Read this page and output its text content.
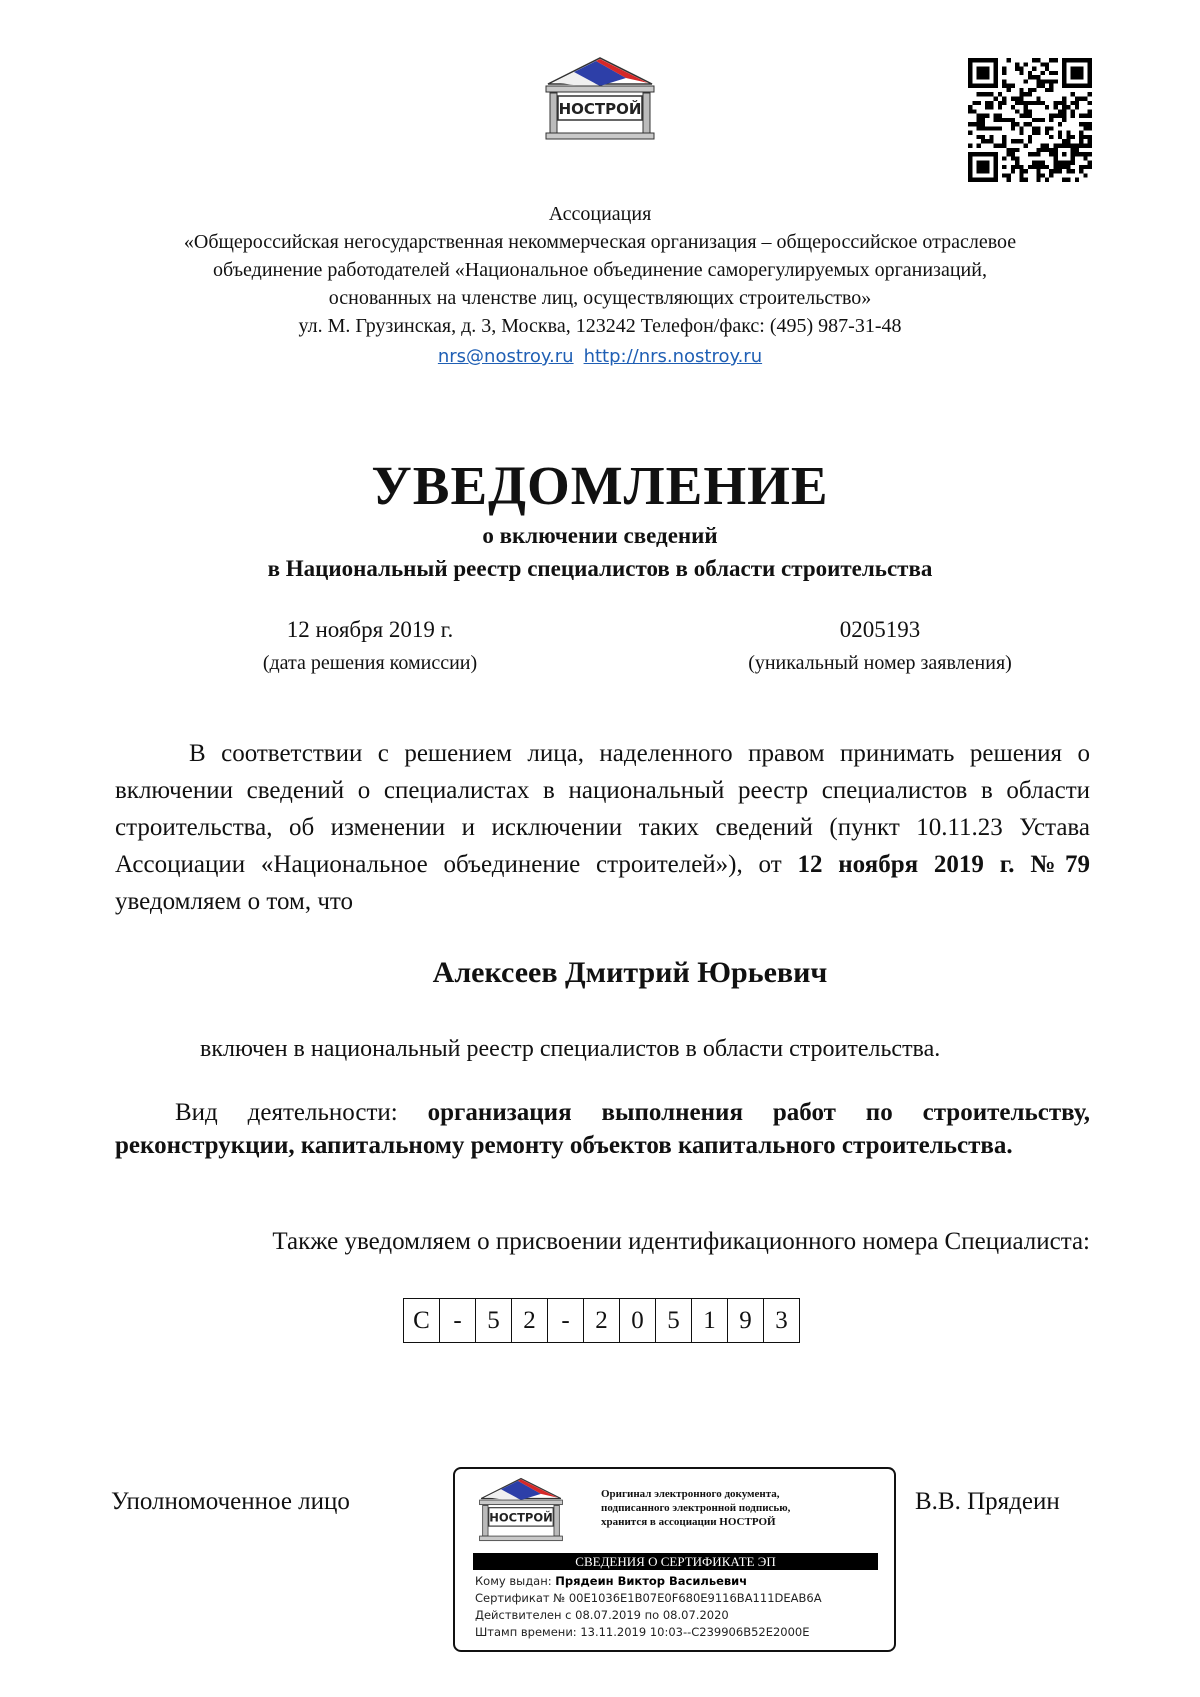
НОСТРОЙ
Ассоциация
«Общероссийская негосударственная некоммерческая организация – общероссийское отраслевое
объединение работодателей «Национальное объединение саморегулируемых организаций,
основанных на членстве лиц, осуществляющих строительство»
ул. М. Грузинская, д. 3, Москва, 123242 Телефон/факс: (495) 987-31-48
nrs@nostroy.ru http://nrs.nostroy.ru
УВЕДОМЛЕНИЕ
о включении сведений
в Национальный реестр специалистов в области строительства
12 ноября 2019 г.
(дата решения комиссии)
0205193
(уникальный номер заявления)
В соответствии с решением лица, наделенного правом принимать решения о включении сведений о специалистах в национальный реестр специалистов в области строительства, об изменении и исключении таких сведений (пункт 10.11.23 Устава Ассоциации «Национальное объединение строителей»), от 12 ноября 2019 г. №79 уведомляем о том, что
Алексеев Дмитрий Юрьевич
включен в национальный реестр специалистов в области строительства.
Вид деятельности: организация выполнения работ по строительству, реконструкции, капитальному ремонту объектов капитального строительства.
Также уведомляем о присвоении идентификационного номера Специалиста:
С	-	5	2	-	2	0	5	1	9	3
Уполномоченное лицо	В.В. Прядеин
НОСТРОЙ
Оригинал электронного документа,
подписанного электронной подписью,
хранится в ассоциации НОСТРОЙ
СВЕДЕНИЯ О СЕРТИФИКАТЕ ЭП
Кому выдан: Прядеин Виктор Васильевич
Сертификат № 00E1036E1B07E0F680E9116BA111DEAB6A
Действителен с 08.07.2019 по 08.07.2020
Штамп времени: 13.11.2019 10:03--C239906B52E2000E
